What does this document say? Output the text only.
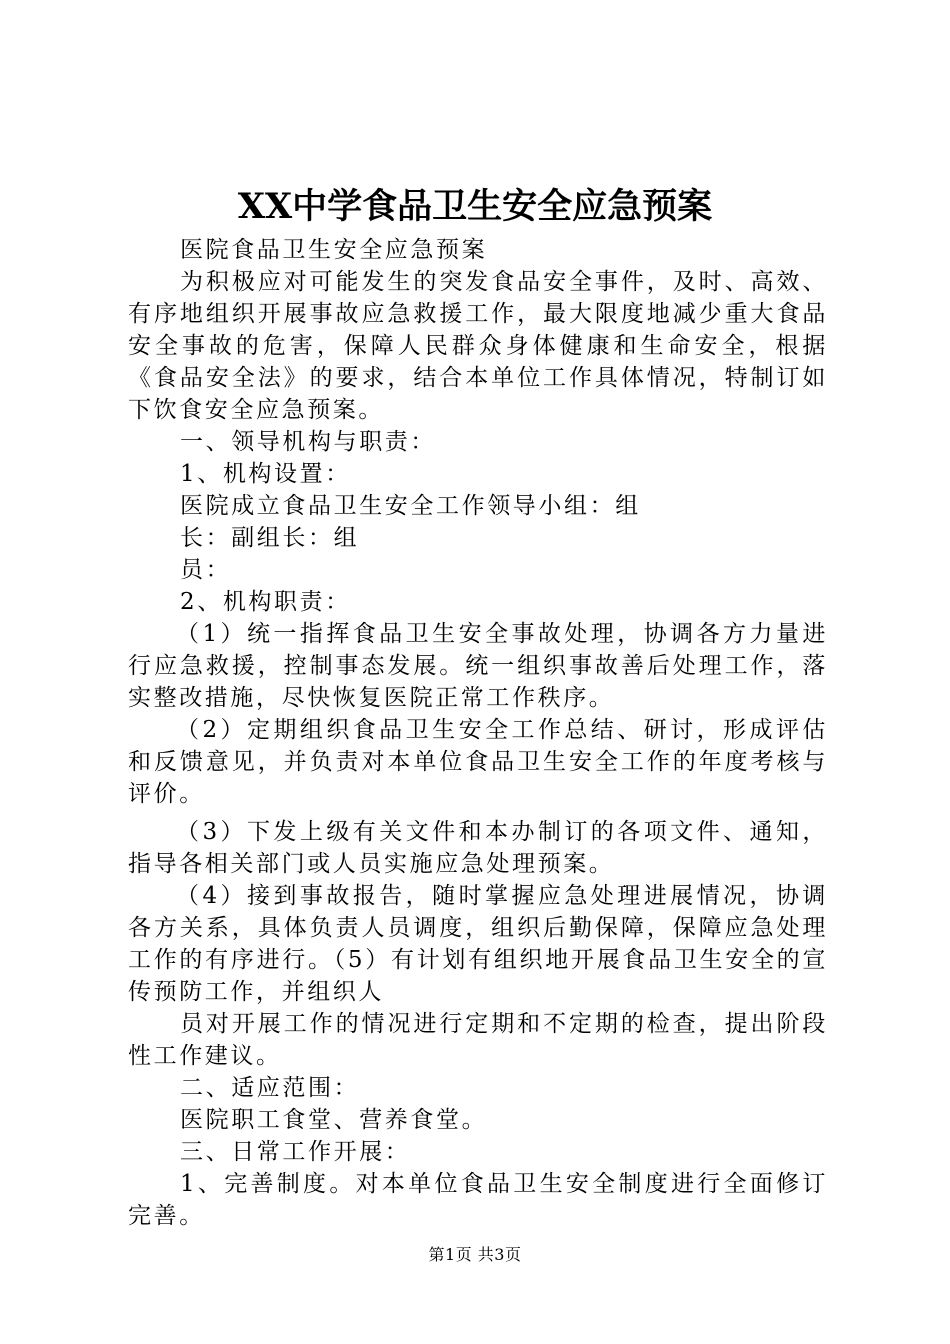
XX中学食品卫生安全应急预案

医院食品卫生安全应急预案

为积极应对可能发生的突发食品安全事件，及时、高效、有序地组织开展事故应急救援工作，最大限度地减少重大食品安全事故的危害，保障人民群众身体健康和生命安全，根据《食品安全法》的要求，结合本单位工作具体情况，特制订如下饮食安全应急预案。

一、领导机构与职责：

1、机构设置：

医院成立食品卫生安全工作领导小组：组

长：副组长：组

员：

2、机构职责：

（1）统一指挥食品卫生安全事故处理，协调各方力量进行应急救援，控制事态发展。统一组织事故善后处理工作，落实整改措施，尽快恢复医院正常工作秩序。

（2）定期组织食品卫生安全工作总结、研讨，形成评估和反馈意见，并负责对本单位食品卫生安全工作的年度考核与评价。

（3）下发上级有关文件和本办制订的各项文件、通知，指导各相关部门或人员实施应急处理预案。

（4）接到事故报告，随时掌握应急处理进展情况，协调各方关系，具体负责人员调度，组织后勤保障，保障应急处理工作的有序进行。（5）有计划有组织地开展食品卫生安全的宣传预防工作，并组织人

员对开展工作的情况进行定期和不定期的检查，提出阶段性工作建议。

二、适应范围：

医院职工食堂、营养食堂。

三、日常工作开展：

1、完善制度。对本单位食品卫生安全制度进行全面修订完善。

第1页 共3页
